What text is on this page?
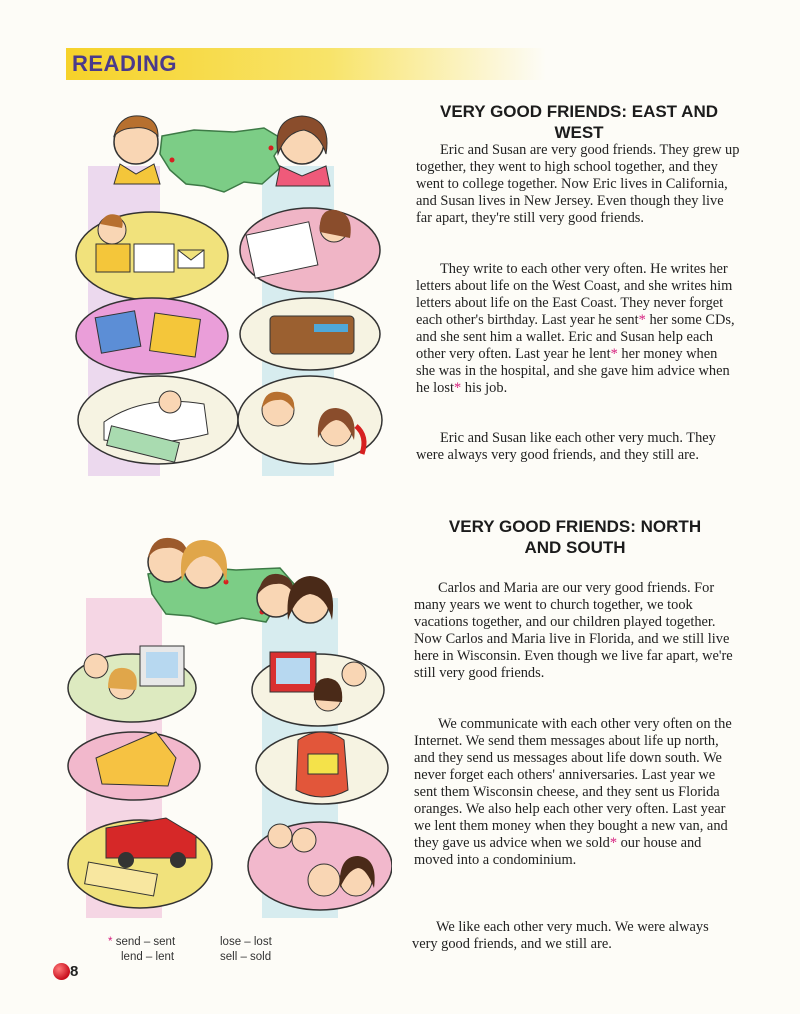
READING
VERY GOOD FRIENDS: EAST AND WEST

Eric and Susan are very good friends. They grew up together, they went to high school together, and they went to college together. Now Eric lives in California, and Susan lives in New Jersey. Even though they live far apart, they're still very good friends.

They write to each other very often. He writes her letters about life on the West Coast, and she writes him letters about life on the East Coast. They never forget each other's birthday. Last year he sent* her some CDs, and she sent him a wallet. Eric and Susan help each other very often. Last year he lent* her money when she was in the hospital, and she gave him advice when he lost* his job.

Eric and Susan like each other very much. They were always very good friends, and they still are.

VERY GOOD FRIENDS: NORTH AND SOUTH

Carlos and Maria are our very good friends. For many years we went to church together, we took vacations together, and our children played together. Now Carlos and Maria live in Florida, and we still live here in Wisconsin. Even though we live far apart, we're still very good friends.

We communicate with each other very often on the Internet. We send them messages about life up north, and they send us messages about life down south. We never forget each others' anniversaries. Last year we sent them Wisconsin cheese, and they sent us Florida oranges. We also help each other very often. Last year we lent them money when they bought a new van, and they gave us advice when we sold* our house and moved into a condominium.

We like each other very much. We were always very good friends, and we still are.

* send – sent
lend – lent
lose – lost
sell – sold
8
